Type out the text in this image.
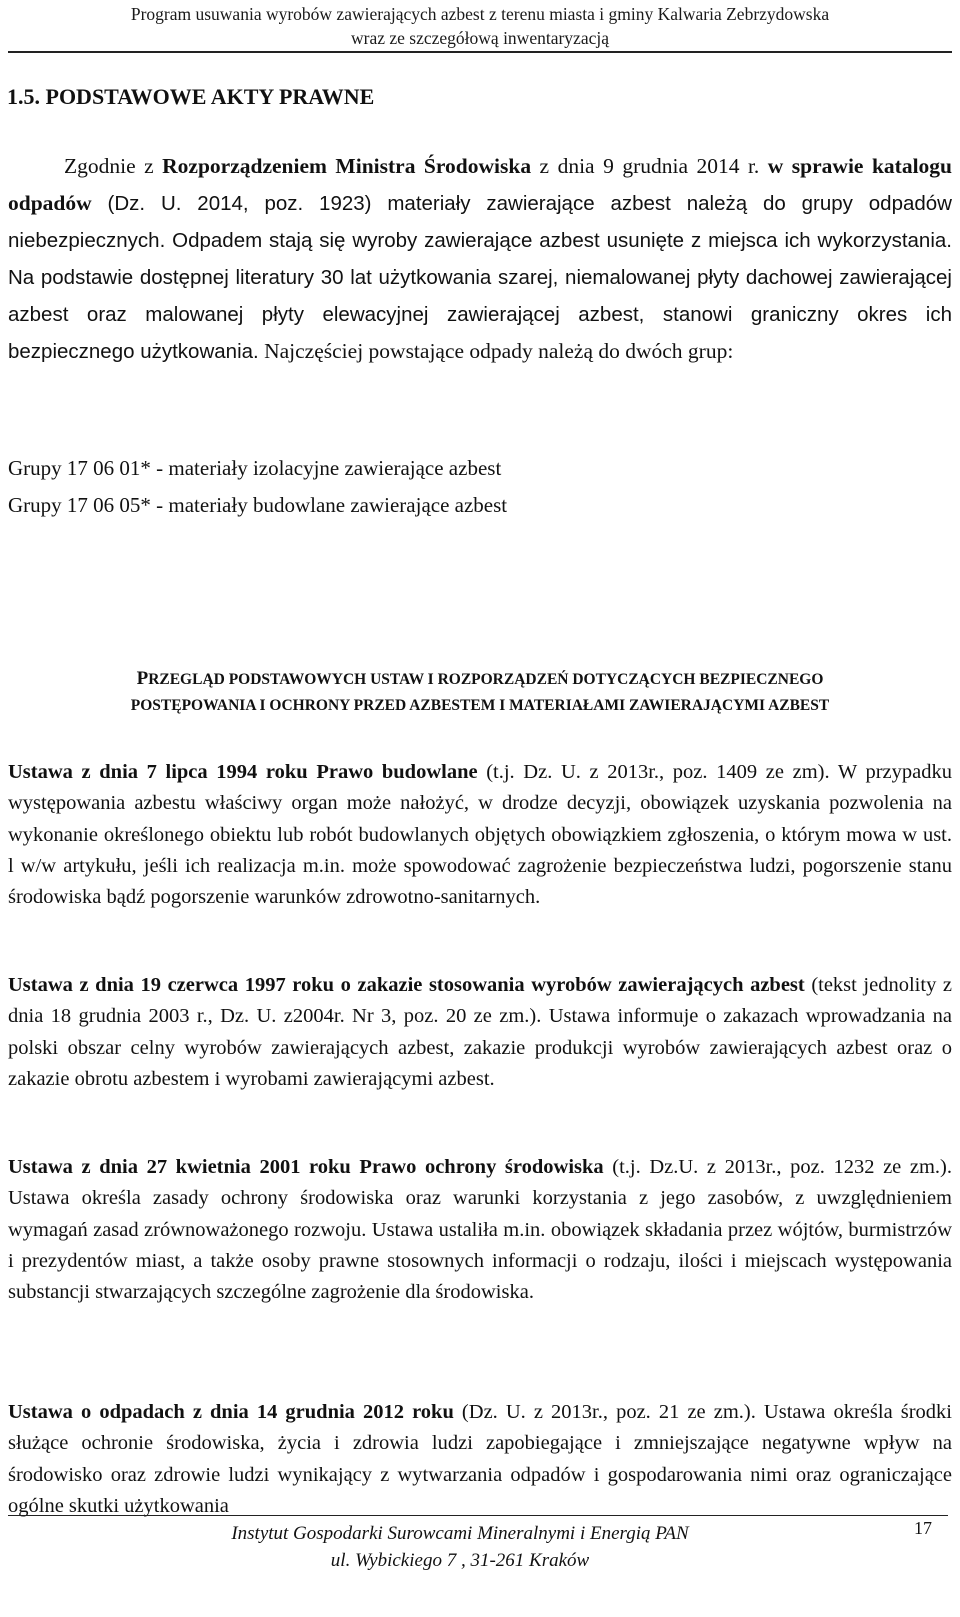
Program usuwania wyrobów zawierających azbest z terenu miasta i gminy Kalwaria Zebrzydowska
wraz ze szczegółową inwentaryzacją
1.5. PODSTAWOWE AKTY PRAWNE
Zgodnie z Rozporządzeniem Ministra Środowiska z dnia 9 grudnia 2014 r. w sprawie katalogu odpadów (Dz. U. 2014, poz. 1923) materiały zawierające azbest należą do grupy odpadów niebezpiecznych. Odpadem stają się wyroby zawierające azbest usunięte z miejsca ich wykorzystania. Na podstawie dostępnej literatury 30 lat użytkowania szarej, niemalowanej płyty dachowej zawierającej azbest oraz malowanej płyty elewacyjnej zawierającej azbest, stanowi graniczny okres ich bezpiecznego użytkowania. Najczęściej powstające odpady należą do dwóch grup:
Grupy 17 06 01* - materiały izolacyjne zawierające azbest
Grupy 17 06 05* - materiały budowlane zawierające azbest
PRZEGLĄD PODSTAWOWYCH USTAW I ROZPORZĄDZEŃ DOTYCZĄCYCH BEZPIECZNEGO
POSTĘPOWANIA I OCHRONY PRZED AZBESTEM I MATERIAŁAMI ZAWIERAJĄCYMI AZBEST
Ustawa z dnia 7 lipca 1994 roku Prawo budowlane (t.j. Dz. U. z 2013r., poz. 1409 ze zm). W przypadku występowania azbestu właściwy organ może nałożyć, w drodze decyzji, obowiązek uzyskania pozwolenia na wykonanie określonego obiektu lub robót budowlanych objętych obowiązkiem zgłoszenia, o którym mowa w ust. l w/w artykułu, jeśli ich realizacja m.in. może spowodować zagrożenie bezpieczeństwa ludzi, pogorszenie stanu środowiska bądź pogorszenie warunków zdrowotno-sanitarnych.
Ustawa z dnia 19 czerwca 1997 roku o zakazie stosowania wyrobów zawierających azbest (tekst jednolity z dnia 18 grudnia 2003 r., Dz. U. z2004r. Nr 3, poz. 20 ze zm.). Ustawa informuje o zakazach wprowadzania na polski obszar celny wyrobów zawierających azbest, zakazie produkcji wyrobów zawierających azbest oraz o zakazie obrotu azbestem i wyrobami zawierającymi azbest.
Ustawa z dnia 27 kwietnia 2001 roku Prawo ochrony środowiska (t.j. Dz.U. z 2013r., poz. 1232 ze zm.). Ustawa określa zasady ochrony środowiska oraz warunki korzystania z jego zasobów, z uwzględnieniem wymagań zasad zrównoważonego rozwoju. Ustawa ustaliła m.in. obowiązek składania przez wójtów, burmistrzów i prezydentów miast, a także osoby prawne stosownych informacji o rodzaju, ilości i miejscach występowania substancji stwarzających szczególne zagrożenie dla środowiska.
Ustawa o odpadach z dnia 14 grudnia 2012 roku (Dz. U. z 2013r., poz. 21 ze zm.). Ustawa określa środki służące ochronie środowiska, życia i zdrowia ludzi zapobiegające i zmniejszające negatywne wpływ na środowisko oraz zdrowie ludzi wynikający z wytwarzania odpadów i gospodarowania nimi oraz ograniczające ogólne skutki użytkowania
Instytut Gospodarki Surowcami Mineralnymi i Energią PAN
ul. Wybickiego 7 , 31-261 Kraków
17
